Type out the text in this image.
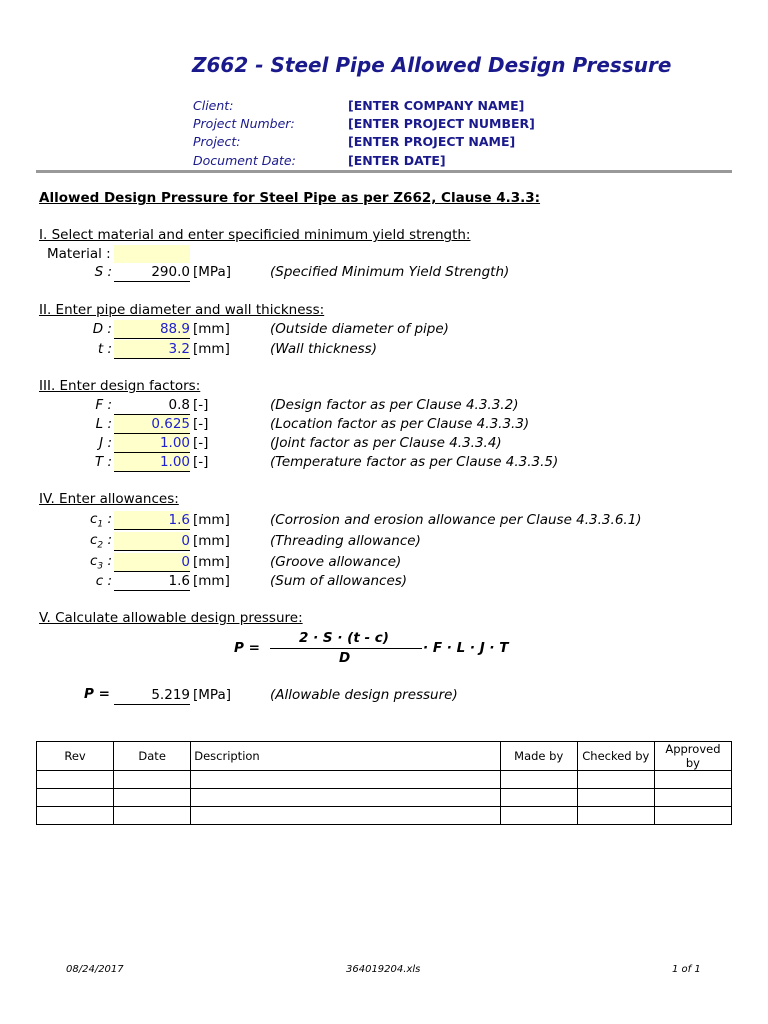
Z662 - Steel Pipe Allowed Design Pressure
Client:	[ENTER COMPANY NAME]
Project Number:	[ENTER PROJECT NUMBER]
Project:	[ENTER PROJECT NAME]
Document Date:	[ENTER DATE]
Allowed Design Pressure for Steel Pipe as per Z662, Clause 4.3.3:
I. Select material and enter specificied minimum yield strength:
Material :
S :	290.0 [MPa]	(Specified Minimum Yield Strength)
II. Enter pipe diameter and wall thickness:
D :	88.9 [mm]	(Outside diameter of pipe)
t :	3.2 [mm]	(Wall thickness)
III. Enter design factors:
F :	0.8 [-]	(Design factor as per Clause 4.3.3.2)
L :	0.625 [-]	(Location factor as per Clause 4.3.3.3)
J :	1.00 [-]	(Joint factor as per Clause 4.3.3.4)
T :	1.00 [-]	(Temperature factor as per Clause 4.3.3.5)
IV. Enter allowances:
$c_1$ :	1.6 [mm]	(Corrosion and erosion allowance per Clause 4.3.3.6.1)
$c_2$ :	0 [mm]	(Threading allowance)
$c_3$ :	0 [mm]	(Groove allowance)
c :	1.6 [mm]	(Sum of allowances)
V. Calculate allowable design pressure:
P =
2 · S · (t - c)
D
· F · L · J · T
P =	5.219 [MPa]	(Allowable design pressure)
Rev	Date	Description	Made by	Checked by	Approved by

08/24/2017	364019204.xls	1 of 1
